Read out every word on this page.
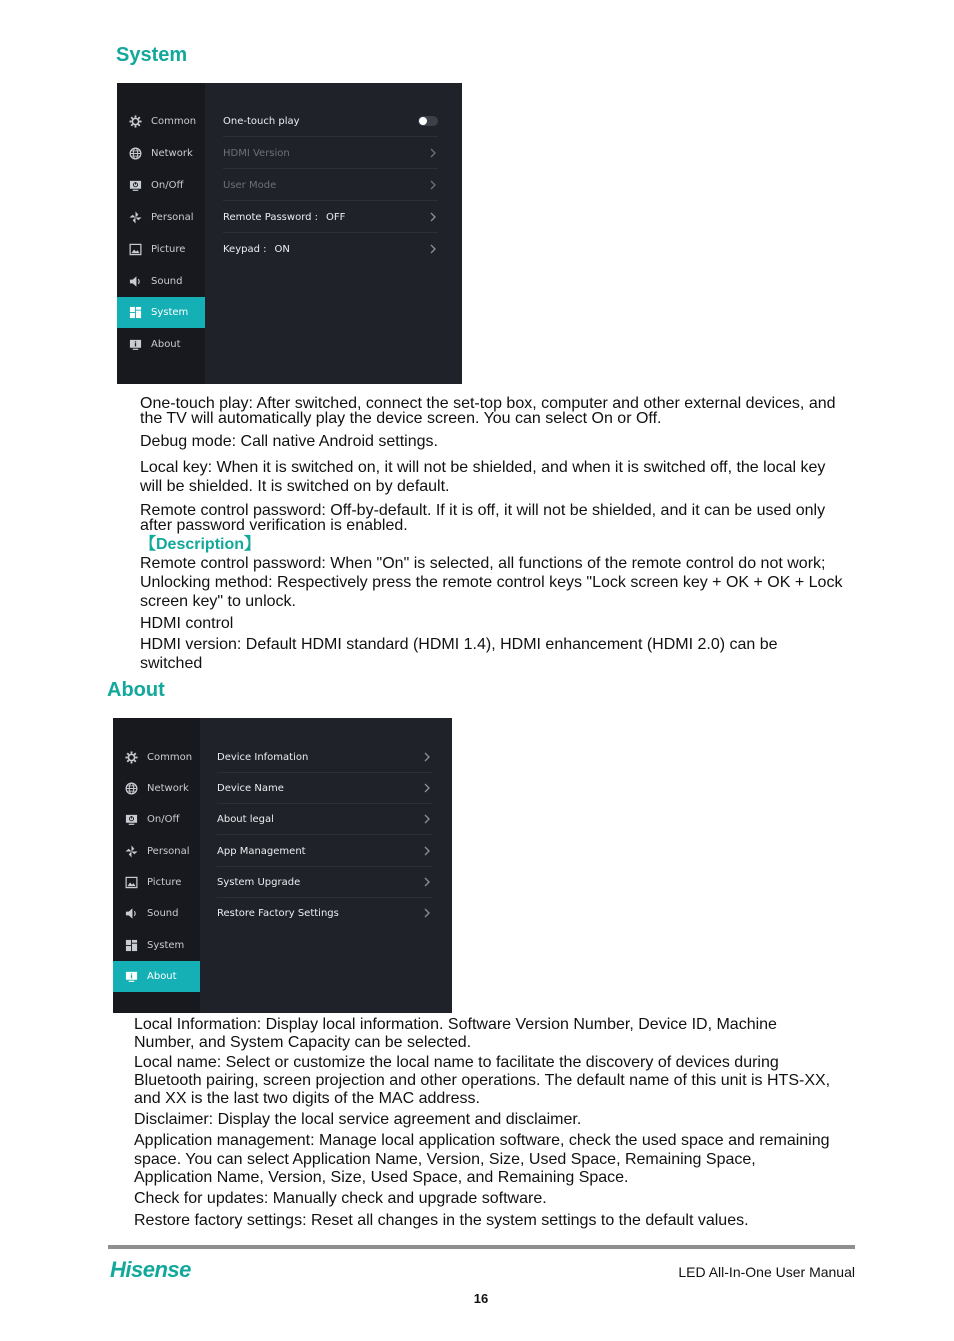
System
Common
Network
On/Off
Personal
Picture
Sound
System
About
One-touch play
HDMI Version
User Mode
Remote Password : OFF
Keypad : ON

One-touch play: After switched, connect the set-top box, computer and other external devices, and the TV will automatically play the device screen. You can select On or Off.

Debug mode: Call native Android settings.

Local key: When it is switched on, it will not be shielded, and when it is switched off, the local key will be shielded. It is switched on by default.

Remote control password: Off-by-default. If it is off, it will not be shielded, and it can be used only after password verification is enabled.

【Description】

Remote control password: When "On" is selected, all functions of the remote control do not work; Unlocking method: Respectively press the remote control keys "Lock screen key + OK + OK + Lock screen key" to unlock.

HDMI control

HDMI version: Default HDMI standard (HDMI 1.4), HDMI enhancement (HDMI 2.0) can be switched

About
Common
Network
On/Off
Personal
Picture
Sound
System
About
Device Infomation
Device Name
About legal
App Management
System Upgrade
Restore Factory Settings

Local Information: Display local information. Software Version Number, Device ID, Machine Number, and System Capacity can be selected.

Local name: Select or customize the local name to facilitate the discovery of devices during Bluetooth pairing, screen projection and other operations. The default name of this unit is HTS-XX, and XX is the last two digits of the MAC address.

Disclaimer: Display the local service agreement and disclaimer.

Application management: Manage local application software, check the used space and remaining space. You can select Application Name, Version, Size, Used Space, Remaining Space, Application Name, Version, Size, Used Space, and Remaining Space.

Check for updates: Manually check and upgrade software.

Restore factory settings: Reset all changes in the system settings to the default values.

Hisense	LED All-In-One User Manual
16
